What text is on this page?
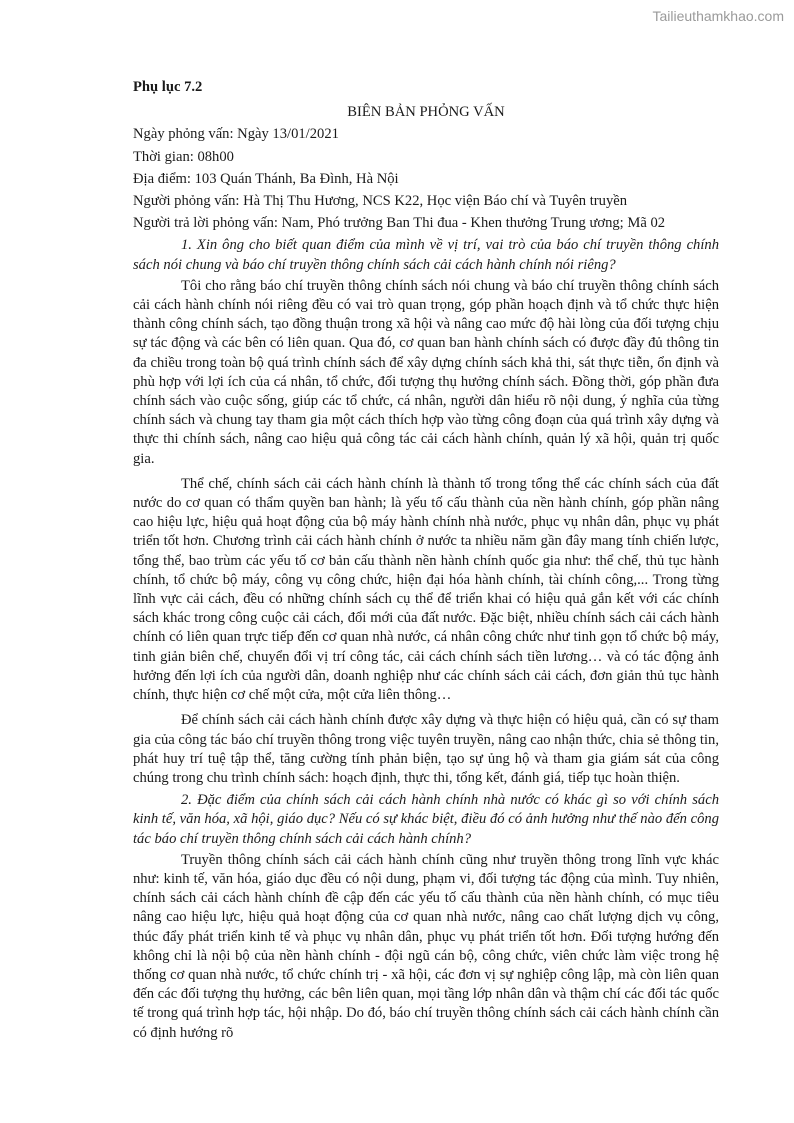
Tailieuthamkhao.com

Phụ lục 7.2

BIÊN BẢN PHỎNG VẤN

Ngày phỏng vấn: Ngày 13/01/2021

Thời gian: 08h00

Địa điểm: 103 Quán Thánh, Ba Đình, Hà Nội

Người phỏng vấn: Hà Thị Thu Hương, NCS K22, Học viện Báo chí và Tuyên truyền

Người trả lời phỏng vấn: Nam, Phó trưởng Ban Thi đua - Khen thưởng Trung ương; Mã 02

1. Xin ông cho biết quan điểm của mình về vị trí, vai trò của báo chí truyền thông chính sách nói chung và báo chí truyền thông chính sách cải cách hành chính nói riêng?

Tôi cho rằng báo chí truyền thông chính sách nói chung và báo chí truyền thông chính sách cải cách hành chính nói riêng đều có vai trò quan trọng, góp phần hoạch định và tổ chức thực hiện thành công chính sách, tạo đồng thuận trong xã hội và nâng cao mức độ hài lòng của đối tượng chịu sự tác động và các bên có liên quan. Qua đó, cơ quan ban hành chính sách có được đầy đủ thông tin đa chiều trong toàn bộ quá trình chính sách để xây dựng chính sách khả thi, sát thực tiễn, ổn định và phù hợp với lợi ích của cá nhân, tổ chức, đối tượng thụ hưởng chính sách. Đồng thời, góp phần đưa chính sách vào cuộc sống, giúp các tổ chức, cá nhân, người dân hiểu rõ nội dung, ý nghĩa của từng chính sách và chung tay tham gia một cách thích hợp vào từng công đoạn của quá trình xây dựng và thực thi chính sách, nâng cao hiệu quả công tác cải cách hành chính, quản lý xã hội, quản trị quốc gia.

Thể chế, chính sách cải cách hành chính là thành tố trong tổng thể các chính sách của đất nước do cơ quan có thẩm quyền ban hành; là yếu tố cấu thành của nền hành chính, góp phần nâng cao hiệu lực, hiệu quả hoạt động của bộ máy hành chính nhà nước, phục vụ nhân dân, phục vụ phát triển tốt hơn. Chương trình cải cách hành chính ở nước ta nhiều năm gần đây mang tính chiến lược, tổng thể, bao trùm các yếu tố cơ bản cấu thành nền hành chính quốc gia như: thể chế, thủ tục hành chính, tổ chức bộ máy, công vụ công chức, hiện đại hóa hành chính, tài chính công,... Trong từng lĩnh vực cải cách, đều có những chính sách cụ thể để triển khai có hiệu quả gắn kết với các chính sách khác trong công cuộc cải cách, đổi mới của đất nước. Đặc biệt, nhiều chính sách cải cách hành chính có liên quan trực tiếp đến cơ quan nhà nước, cá nhân công chức như tinh gọn tổ chức bộ máy, tinh giản biên chế, chuyển đổi vị trí công tác, cải cách chính sách tiền lương… và có tác động ảnh hưởng đến lợi ích của người dân, doanh nghiệp như các chính sách cải cách, đơn giản thủ tục hành chính, thực hiện cơ chế một cửa, một cửa liên thông…

Để chính sách cải cách hành chính được xây dựng và thực hiện có hiệu quả, cần có sự tham gia của công tác báo chí truyền thông trong việc tuyên truyền, nâng cao nhận thức, chia sẻ thông tin, phát huy trí tuệ tập thể, tăng cường tính phản biện, tạo sự ủng hộ và tham gia giám sát của công chúng trong chu trình chính sách: hoạch định, thực thi, tổng kết, đánh giá, tiếp tục hoàn thiện.

2. Đặc điểm của chính sách cải cách hành chính nhà nước có khác gì so với chính sách kinh tế, văn hóa, xã hội, giáo dục? Nếu có sự khác biệt, điều đó có ảnh hưởng như thế nào đến công tác báo chí truyền thông chính sách cải cách hành chính?

Truyền thông chính sách cải cách hành chính cũng như truyền thông trong lĩnh vực khác như: kinh tế, văn hóa, giáo dục đều có nội dung, phạm vi, đối tượng tác động của mình. Tuy nhiên, chính sách cải cách hành chính đề cập đến các yếu tố cấu thành của nền hành chính, có mục tiêu nâng cao hiệu lực, hiệu quả hoạt động của cơ quan nhà nước, nâng cao chất lượng dịch vụ công, thúc đẩy phát triển kinh tế và phục vụ nhân dân, phục vụ phát triển tốt hơn. Đối tượng hướng đến không chỉ là nội bộ của nền hành chính - đội ngũ cán bộ, công chức, viên chức làm việc trong hệ thống cơ quan nhà nước, tổ chức chính trị - xã hội, các đơn vị sự nghiệp công lập, mà còn liên quan đến các đối tượng thụ hưởng, các bên liên quan, mọi tầng lớp nhân dân và thậm chí các đối tác quốc tế trong quá trình hợp tác, hội nhập. Do đó, báo chí truyền thông chính sách cải cách hành chính cần có định hướng rõ
